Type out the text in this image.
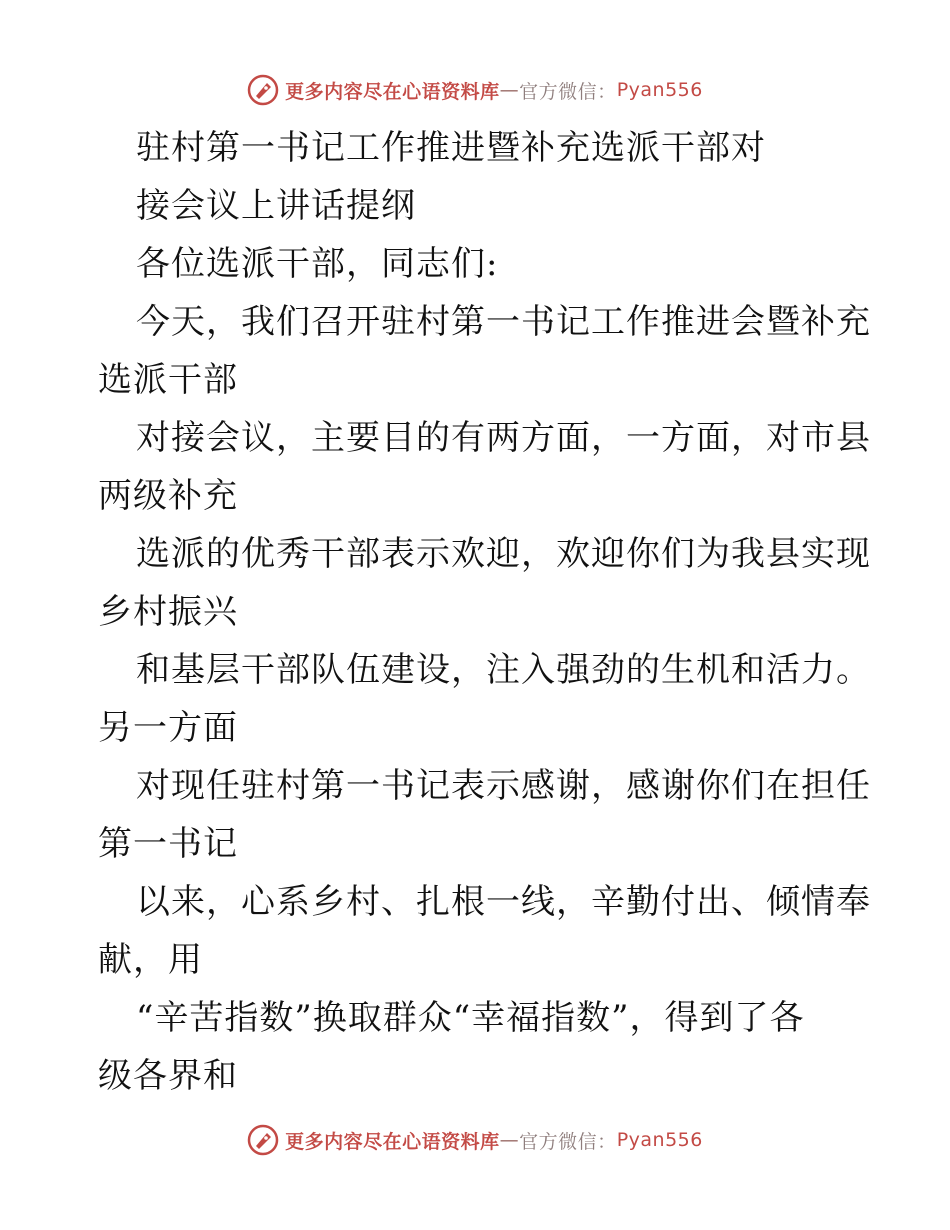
更多内容尽在心语资料库 — 官方微信： Pyan556
驻村第一书记工作推进暨补充选派干部对
接会议上讲话提纲
各位选派干部，同志们:
今天，我们召开驻村第一书记工作推进会暨补充
选派干部
对接会议，主要目的有两方面，一方面，对市县
两级补充
选派的优秀干部表示欢迎，欢迎你们为我县实现
乡村振兴
和基层干部队伍建设，注入强劲的生机和活力。
另一方面
对现任驻村第一书记表示感谢，感谢你们在担任
第一书记
以来，心系乡村、扎根一线，辛勤付出、倾情奉
献，用
“辛苦指数”换取群众“幸福指数”，得到了各
级各界和
更多内容尽在心语资料库 — 官方微信： Pyan556
